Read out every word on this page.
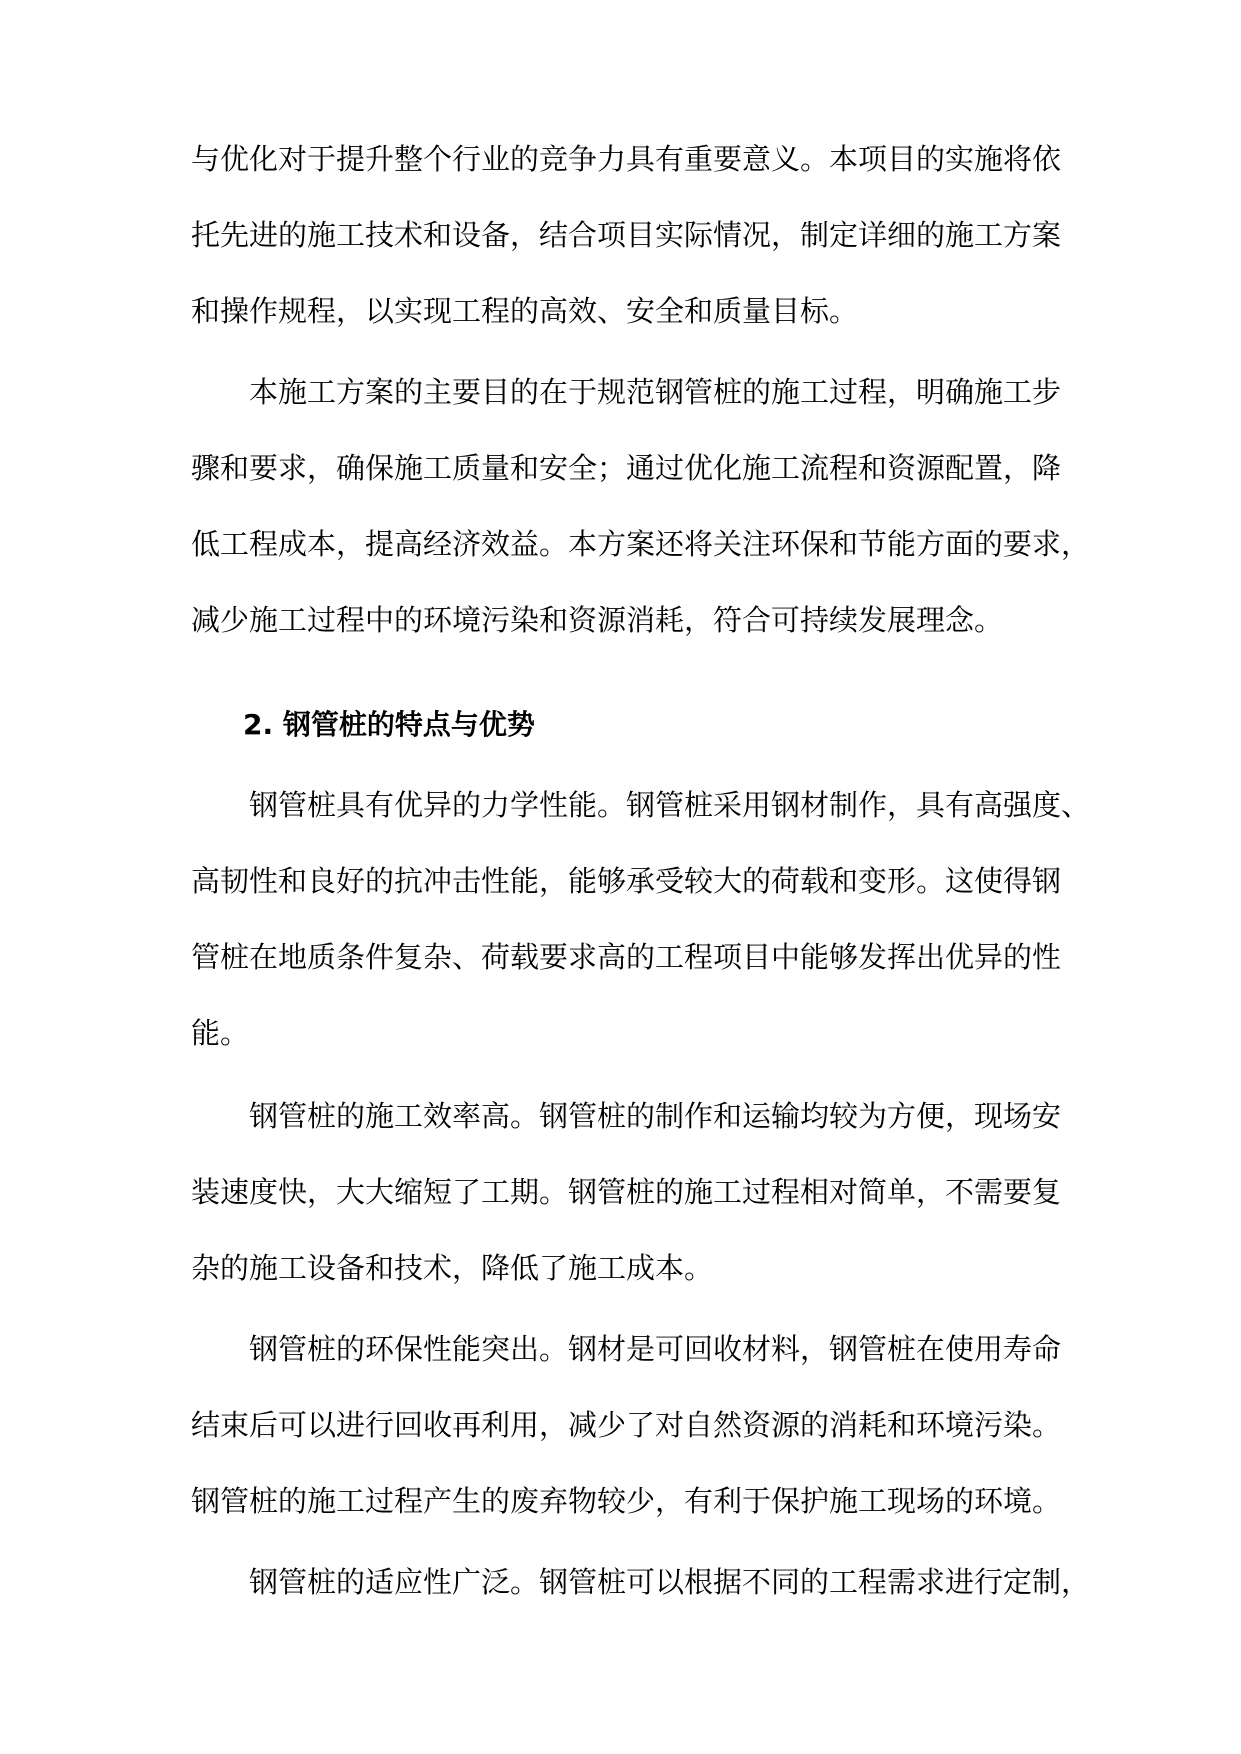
与优化对于提升整个行业的竞争力具有重要意义。本项目的实施将依
托先进的施工技术和设备，结合项目实际情况，制定详细的施工方案
和操作规程，以实现工程的高效、安全和质量目标。
本施工方案的主要目的在于规范钢管桩的施工过程，明确施工步
骤和要求，确保施工质量和安全；通过优化施工流程和资源配置，降
低工程成本，提高经济效益。本方案还将关注环保和节能方面的要求，
减少施工过程中的环境污染和资源消耗，符合可持续发展理念。
2. 钢管桩的特点与优势
钢管桩具有优异的力学性能。钢管桩采用钢材制作，具有高强度、
高韧性和良好的抗冲击性能，能够承受较大的荷载和变形。这使得钢
管桩在地质条件复杂、荷载要求高的工程项目中能够发挥出优异的性
能。
钢管桩的施工效率高。钢管桩的制作和运输均较为方便，现场安
装速度快，大大缩短了工期。钢管桩的施工过程相对简单，不需要复
杂的施工设备和技术，降低了施工成本。
钢管桩的环保性能突出。钢材是可回收材料，钢管桩在使用寿命
结束后可以进行回收再利用，减少了对自然资源的消耗和环境污染。
钢管桩的施工过程产生的废弃物较少，有利于保护施工现场的环境。
钢管桩的适应性广泛。钢管桩可以根据不同的工程需求进行定制，
